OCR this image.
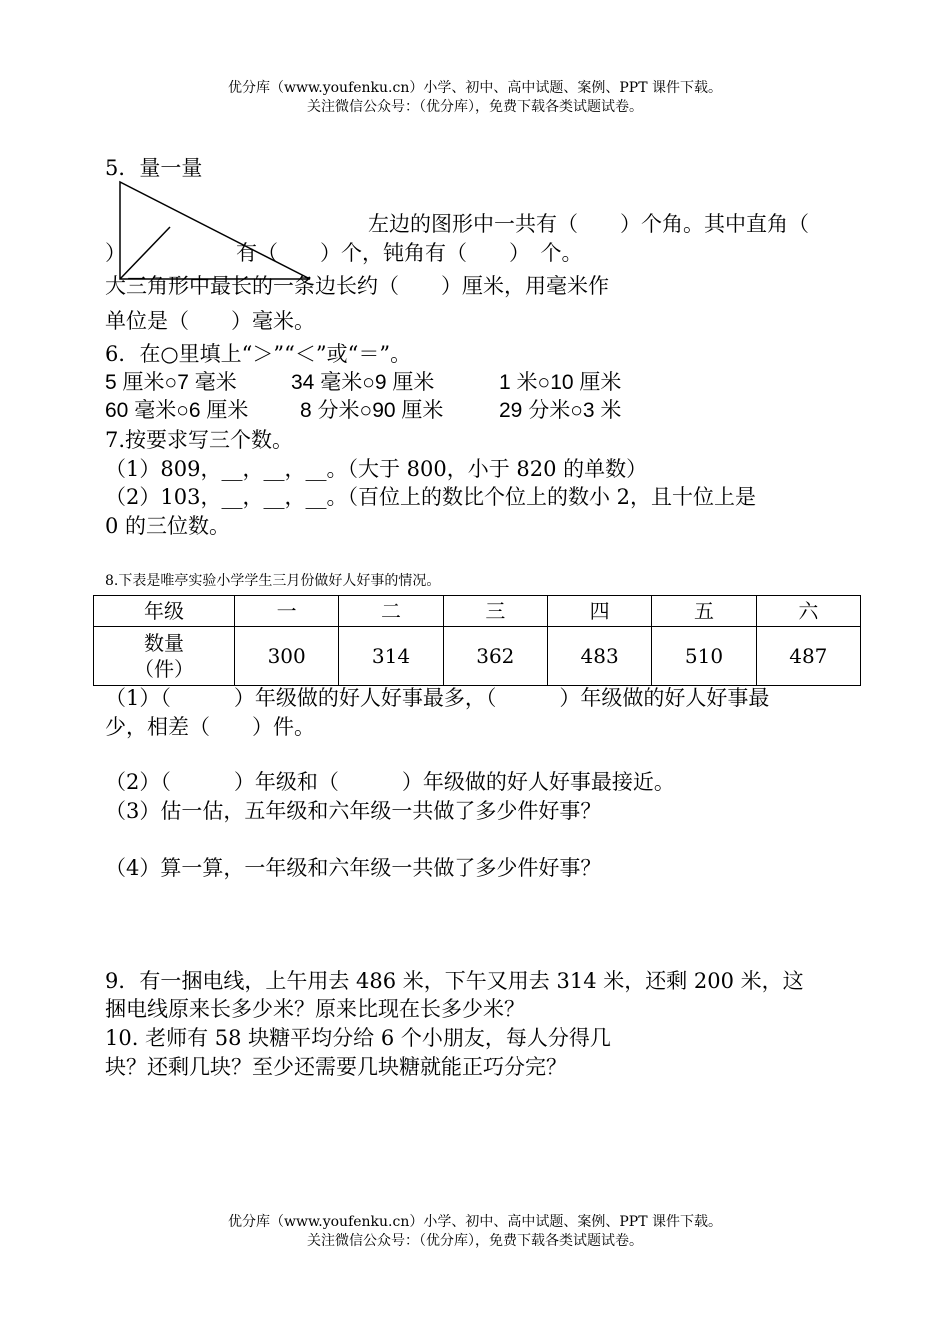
优分库（www.youfenku.cn）小学、初中、高中试题、案例、PPT 课件下载。
关注微信公众号：（优分库），免费下载各类试题试卷。
5．量一量
左边的图形中一共有（　　）个角。其中直角（
）	有（　　）个，钝角有（　　）　个。
大三角形中最长的一条边长约（　　）厘米，用毫米作
单位是（　　）毫米。
6．在○里填上“＞”“＜”或“＝”。
5 厘米○7 毫米	34 毫米○9 厘米	1 米○10 厘米
60 毫米○6 厘米 8 分米○90 厘米	29 分米○3 米
7.按要求写三个数。
（1）809，__，__，__。（大于 800，小于 820 的单数）
（2）103，__，__，__。（百位上的数比个位上的数小 2，且十位上是
0 的三位数。
8.下表是唯亭实验小学学生三月份做好人好事的情况。
年级	一	二	三	四	五	六

数量
（件）	300	314	362	483	510	487
（1）（　　　）年级做的好人好事最多，（　　　）年级做的好人好事最
少，相差（　　）件。
（2）（　　　）年级和（　　　）年级做的好人好事最接近。
（3）估一估，五年级和六年级一共做了多少件好事？
（4）算一算，一年级和六年级一共做了多少件好事？
9．有一捆电线，上午用去 486 米，下午又用去 314 米，还剩 200 米，这
捆电线原来长多少米？原来比现在长多少米？
10. 老师有 58 块糖平均分给 6 个小朋友，每人分得几
块？还剩几块？至少还需要几块糖就能正巧分完？
优分库（www.youfenku.cn）小学、初中、高中试题、案例、PPT 课件下载。
关注微信公众号：（优分库），免费下载各类试题试卷。
